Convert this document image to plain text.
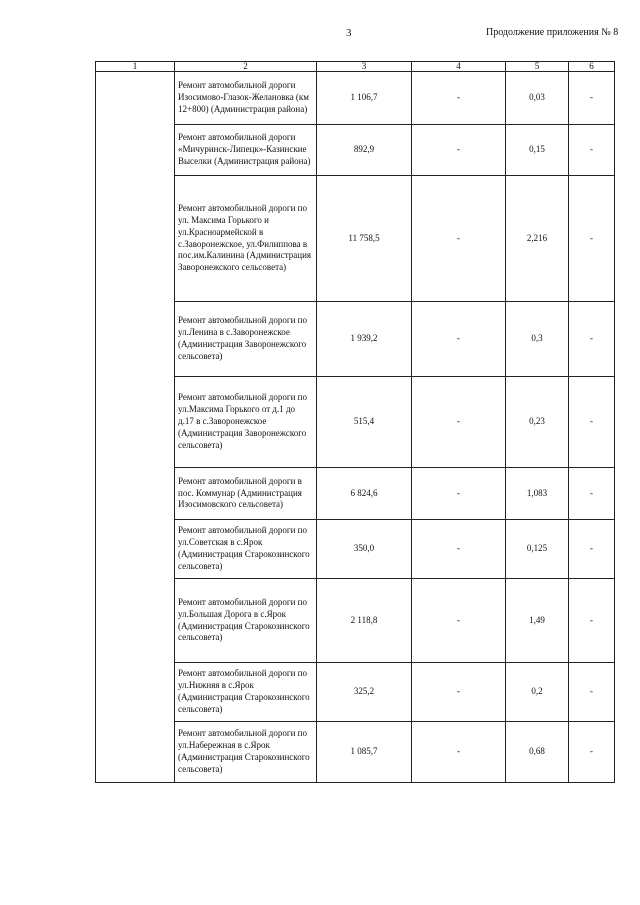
3	Продолжение приложения № 8
1	2	3	4	5	6
	Ремонт автомобильной дороги Изосимово-Глазок-Желановка (км 12+800) (Администрация района)	1 106,7	-	0,03	-
	Ремонт автомобильной дороги «Мичуринск-Липецк»-Казинские Выселки (Администрация района)	892,9	-	0,15	-
	Ремонт автомобильной дороги по ул. Максима Горького и ул.Красноармейской в с.Заворонежское, ул.Филиппова в пос.им.Калинина (Администрация Заворонежского сельсовета)	11 758,5	-	2,216	-
	Ремонт автомобильной дороги по ул.Ленина в с.Заворонежское (Администрация Заворонежского сельсовета)	1 939,2	-	0,3	-
	Ремонт автомобильной дороги по ул.Максима Горького от д.1 до д.17 в с.Заворонежское (Администрация Заворонежского сельсовета)	515,4	-	0,23	-
	Ремонт автомобильной дороги в пос. Коммунар (Администрация Изосимовского сельсовета)	6 824,6	-	1,083	-
	Ремонт автомобильной дороги по ул.Советская в с.Ярок (Администрация Старокозинского сельсовета)	350,0	-	0,125	-
	Ремонт автомобильной дороги по ул.Большая Дорога в с.Ярок (Администрация Старокозинского сельсовета)	2 118,8	-	1,49	-
	Ремонт автомобильной дороги по ул.Нижняя в с.Ярок (Администрация Старокозинского сельсовета)	325,2	-	0,2	-
	Ремонт автомобильной дороги по ул.Набережная в с.Ярок (Администрация Старокозинского сельсовета)	1 085,7	-	0,68	-
